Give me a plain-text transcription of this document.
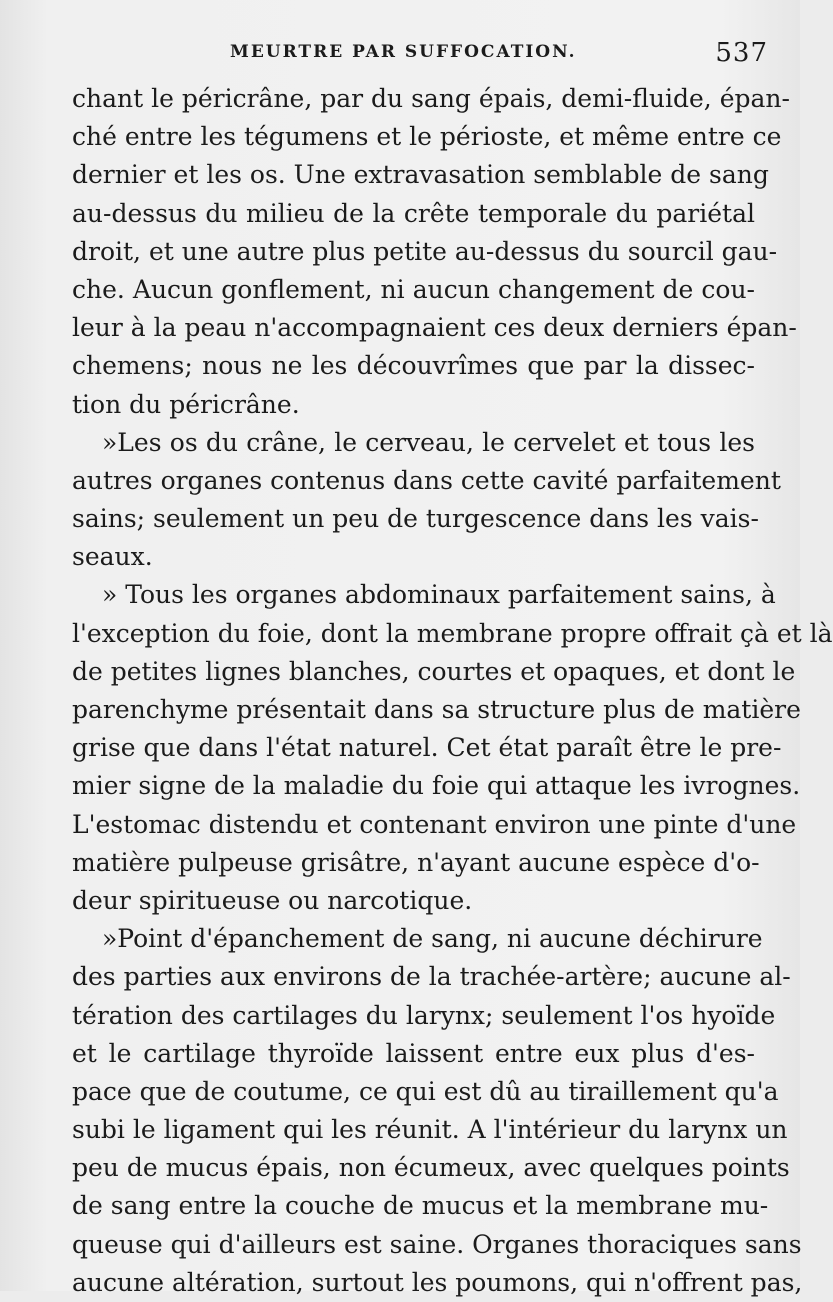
MEURTRE PAR SUFFOCATION.	537
chant le péricrâne, par du sang épais, demi-fluide, épan-
ché entre les tégumens et le périoste, et même entre ce
dernier et les os. Une extravasation semblable de sang
au-dessus du milieu de la crête temporale du pariétal
droit, et une autre plus petite au-dessus du sourcil gau-
che. Aucun gonflement, ni aucun changement de cou-
leur à la peau n'accompagnaient ces deux derniers épan-
chemens; nous ne les découvrîmes que par la dissec-
tion du péricrâne.
»Les os du crâne, le cerveau, le cervelet et tous les
autres organes contenus dans cette cavité parfaitement
sains; seulement un peu de turgescence dans les vais-
seaux.
» Tous les organes abdominaux parfaitement sains, à
l'exception du foie, dont la membrane propre offrait çà et là
de petites lignes blanches, courtes et opaques, et dont le
parenchyme présentait dans sa structure plus de matière
grise que dans l'état naturel. Cet état paraît être le pre-
mier signe de la maladie du foie qui attaque les ivrognes.
L'estomac distendu et contenant environ une pinte d'une
matière pulpeuse grisâtre, n'ayant aucune espèce d'o-
deur spiritueuse ou narcotique.
»Point d'épanchement de sang, ni aucune déchirure
des parties aux environs de la trachée-artère; aucune al-
tération des cartilages du larynx; seulement l'os hyoïde
et le cartilage thyroïde laissent entre eux plus d'es-
pace que de coutume, ce qui est dû au tiraillement qu'a
subi le ligament qui les réunit. A l'intérieur du larynx un
peu de mucus épais, non écumeux, avec quelques points
de sang entre la couche de mucus et la membrane mu-
queuse qui d'ailleurs est saine. Organes thoraciques sans
aucune altération, surtout les poumons, qui n'offrent pas,
